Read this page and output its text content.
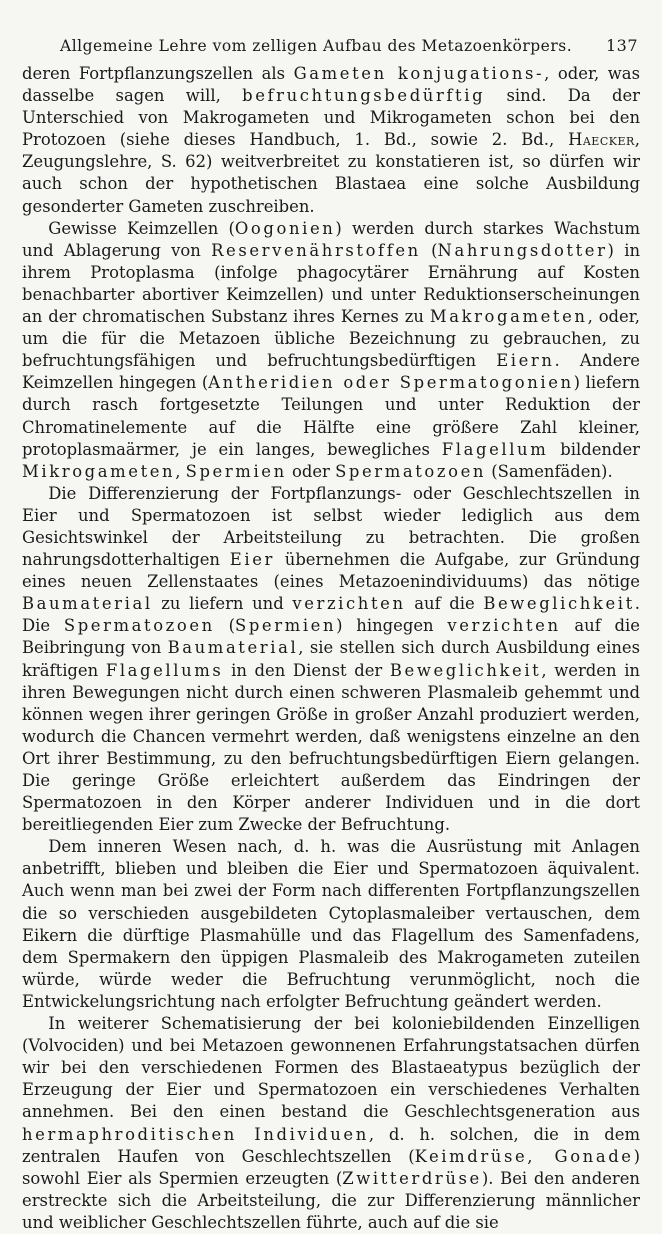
Allgemeine Lehre vom zelligen Aufbau des Metazoenkörpers. 137

deren Fortpflanzungszellen als Gameten konjugations-, oder, was dasselbe sagen will, befruchtungsbedürftig sind. Da der Unterschied von Makrogameten und Mikrogameten schon bei den Protozoen (siehe dieses Handbuch, 1. Bd., sowie 2. Bd., Haecker, Zeugungslehre, S. 62) weitverbreitet zu konstatieren ist, so dürfen wir auch schon der hypothetischen Blastaea eine solche Ausbildung gesonderter Gameten zuschreiben.

Gewisse Keimzellen (Oogonien) werden durch starkes Wachstum und Ablagerung von Reservenährstoffen (Nahrungsdotter) in ihrem Protoplasma (infolge phagocytärer Ernährung auf Kosten benachbarter abortiver Keimzellen) und unter Reduktionserscheinungen an der chromatischen Substanz ihres Kernes zu Makrogameten, oder, um die für die Metazoen übliche Bezeichnung zu gebrauchen, zu befruchtungsfähigen und befruchtungsbedürftigen Eiern. Andere Keimzellen hingegen (Antheridien oder Spermatogonien) liefern durch rasch fortgesetzte Teilungen und unter Reduktion der Chromatinelemente auf die Hälfte eine größere Zahl kleiner, protoplasmaärmer, je ein langes, bewegliches Flagellum bildender Mikrogameten, Spermien oder Spermatozoen (Samenfäden).

Die Differenzierung der Fortpflanzungs- oder Geschlechtszellen in Eier und Spermatozoen ist selbst wieder lediglich aus dem Gesichtswinkel der Arbeitsteilung zu betrachten. Die großen nahrungsdotterhaltigen Eier übernehmen die Aufgabe, zur Gründung eines neuen Zellenstaates (eines Metazoenindividuums) das nötige Baumaterial zu liefern und verzichten auf die Beweglichkeit. Die Spermatozoen (Spermien) hingegen verzichten auf die Beibringung von Baumaterial, sie stellen sich durch Ausbildung eines kräftigen Flagellums in den Dienst der Beweglichkeit, werden in ihren Bewegungen nicht durch einen schweren Plasmaleib gehemmt und können wegen ihrer geringen Größe in großer Anzahl produziert werden, wodurch die Chancen vermehrt werden, daß wenigstens einzelne an den Ort ihrer Bestimmung, zu den befruchtungsbedürftigen Eiern gelangen. Die geringe Größe erleichtert außerdem das Eindringen der Spermatozoen in den Körper anderer Individuen und in die dort bereitliegenden Eier zum Zwecke der Befruchtung.

Dem inneren Wesen nach, d. h. was die Ausrüstung mit Anlagen anbetrifft, blieben und bleiben die Eier und Spermatozoen äquivalent. Auch wenn man bei zwei der Form nach differenten Fortpflanzungszellen die so verschieden ausgebildeten Cytoplasmaleiber vertauschen, dem Eikern die dürftige Plasmahülle und das Flagellum des Samenfadens, dem Spermakern den üppigen Plasmaleib des Makrogameten zuteilen würde, würde weder die Befruchtung verunmöglicht, noch die Entwickelungsrichtung nach erfolgter Befruchtung geändert werden.

In weiterer Schematisierung der bei koloniebildenden Einzelligen (Volvociden) und bei Metazoen gewonnenen Erfahrungstatsachen dürfen wir bei den verschiedenen Formen des Blastaeatypus bezüglich der Erzeugung der Eier und Spermatozoen ein verschiedenes Verhalten annehmen. Bei den einen bestand die Geschlechtsgeneration aus hermaphroditischen Individuen, d. h. solchen, die in dem zentralen Haufen von Geschlechtszellen (Keimdrüse, Gonade) sowohl Eier als Spermien erzeugten (Zwitterdrüse). Bei den anderen erstreckte sich die Arbeitsteilung, die zur Differenzierung männlicher und weiblicher Geschlechtszellen führte, auch auf die sie
